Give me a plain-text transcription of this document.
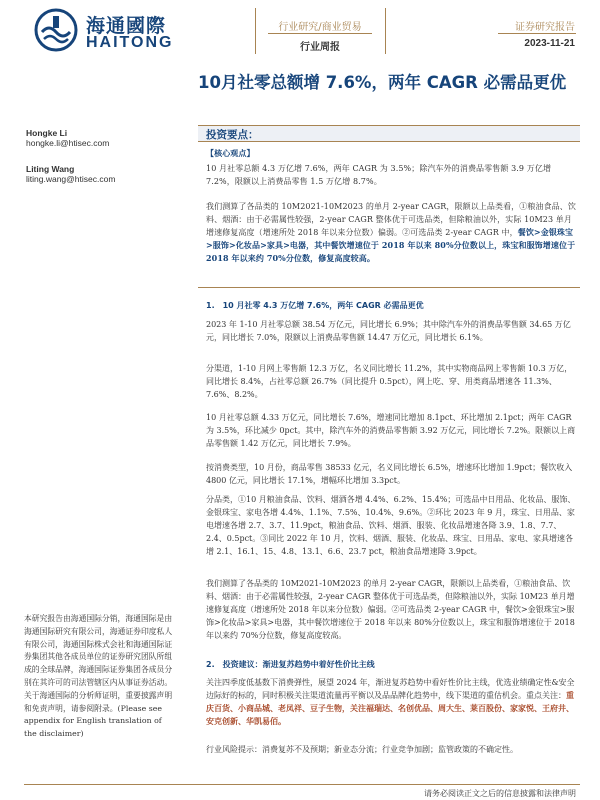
海通國際
HAITONG
行业研究/商业贸易
行业周报
证券研究报告
2023-11-21
10月社零总额增 7.6%，两年 CAGR 必需品更优
Hongke Li
hongke.li@htisec.com
Liting Wang
liting.wang@htisec.com
投资要点：
【核心观点】
10 月社零总额 4.3 万亿增 7.6%，两年 CAGR 为 3.5%；除汽车外的消费品零售额 3.9 万亿增 7.2%，限额以上消费品零售 1.5 万亿增 8.7%。
我们测算了各品类的 10M2021-10M2023 的单月 2-year CAGR，限额以上品类看，①粮油食品、饮料、烟酒：由于必需属性较强，2-year CAGR 整体优于可选品类，但除粮油以外，实际 10M23 单月增速修复高度（增速所处 2018 年以来分位数）偏弱。②可选品类 2-year CAGR 中，餐饮>金银珠宝>服饰>化妆品>家具>电器，其中餐饮增速位于 2018 年以来 80%分位数以上，珠宝和服饰增速位于 2018 年以来约 70%分位数，修复高度较高。
1.　10 月社零 4.3 万亿增 7.6%，两年 CAGR 必需品更优
2023 年 1-10 月社零总额 38.54 万亿元，同比增长 6.9%；其中除汽车外的消费品零售额 34.65 万亿元，同比增长 7.0%，限额以上消费品零售额 14.47 万亿元，同比增长 6.1%。
分渠道，1-10 月网上零售额 12.3 万亿，名义同比增长 11.2%，其中实物商品网上零售额 10.3 万亿，同比增长 8.4%，占社零总额 26.7%（同比提升 0.5pct），网上吃、穿、用类商品增速各 11.3%、7.6%、8.2%。
10 月社零总额 4.33 万亿元，同比增长 7.6%，增速同比增加 8.1pct、环比增加 2.1pct；两年 CAGR 为 3.5%，环比减少 0pct。其中，除汽车外的消费品零售额 3.92 万亿元，同比增长 7.2%。限额以上商品零售额 1.42 万亿元，同比增长 7.9%。
按消费类型，10 月份，商品零售 38533 亿元，名义同比增长 6.5%，增速环比增加 1.9pct；餐饮收入 4800 亿元，同比增长 17.1%，增幅环比增加 3.3pct。
分品类，①10 月粮油食品、饮料、烟酒各增 4.4%、6.2%、15.4%；可选品中日用品、化妆品、服饰、金银珠宝、家电各增 4.4%、1.1%、7.5%、10.4%、9.6%。②环比 2023 年 9 月，珠宝、日用品、家电增速各增 2.7、3.7、11.9pct，粮油食品、饮料、烟酒、服装、化妆品增速各降 3.9、1.8、7.7、2.4、0.5pct。③同比 2022 年 10 月，饮料、烟酒、服装、化妆品、珠宝、日用品、家电、家具增速各增 2.1、16.1、15、4.8、13.1、6.6、23.7 pct，粮油食品增速降 3.9pct。
我们测算了各品类的 10M2021-10M2023 的单月 2-year CAGR，限额以上品类看，①粮油食品、饮料、烟酒：由于必需属性较强，2-year CAGR 整体优于可选品类，但除粮油以外，实际 10M23 单月增速修复高度（增速所处 2018 年以来分位数）偏弱。②可选品类 2-year CAGR 中，餐饮>金银珠宝>服饰>化妆品>家具>电器，其中餐饮增速位于 2018 年以来 80%分位数以上，珠宝和服饰增速位于 2018 年以来约 70%分位数，修复高度较高。
2.　投资建议：渐进复苏趋势中着好性价比主线
关注四季度低基数下消费弹性，展望 2024 年，渐进复苏趋势中看好性价比主线，优选业绩确定性&安全边际好的标的，同时积极关注渠道流量再平衡以及品品牌化趋势中，线下渠道的重估机会。重点关注：重庆百货、小商品城、老凤祥、豆子生物，关注福瑞达、名创优品、周大生、莱百股份、家家悦、王府井、安克创新、华凯易佰。
行业风险提示：消费复苏不及预期；新业态分流；行业竞争加剧；监管政策的不确定性。
本研究报告由海通国际分销，海通国际是由海通国际研究有限公司，海通证券印度私人有限公司，海通国际株式会社和海通国际证券集团其他各成员单位的证券研究团队所组成的全球品牌，海通国际证券集团各成员分别在其许可的司法管辖区内从事证券活动。关于海通国际的分析师证明，重要披露声明和免责声明，请参阅附录。(Please see appendix for English translation of the disclaimer)
请务必阅读正文之后的信息披露和法律声明
